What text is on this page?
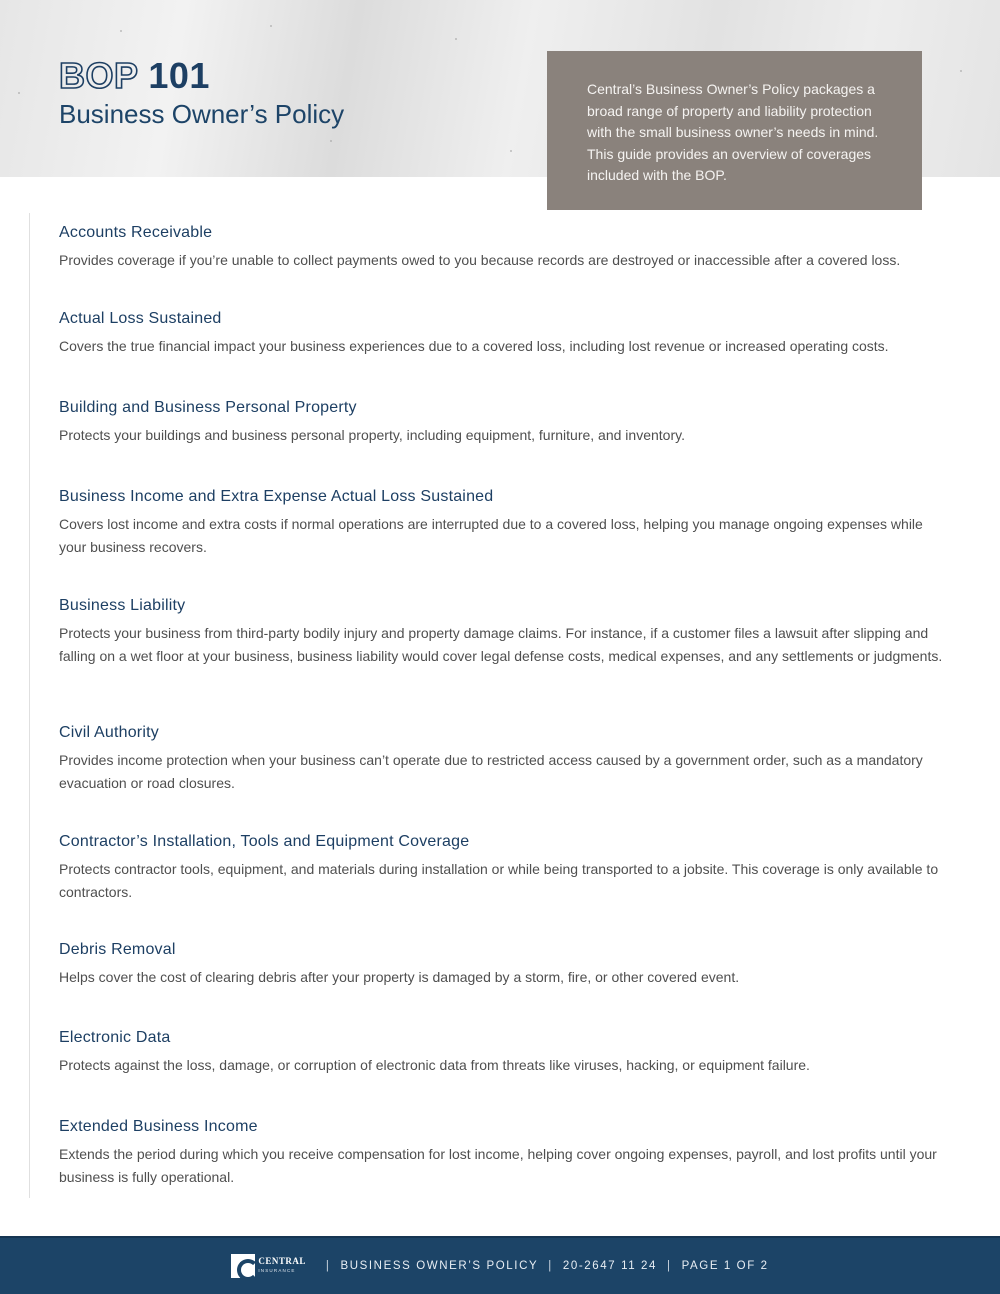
BOP 101
Business Owner’s Policy

Central’s Business Owner’s Policy packages a broad range of property and liability protection with the small business owner’s needs in mind. This guide provides an overview of coverages included with the BOP.

Accounts Receivable
Provides coverage if you’re unable to collect payments owed to you because records are destroyed or inaccessible after a covered loss.
Actual Loss Sustained
Covers the true financial impact your business experiences due to a covered loss, including lost revenue or increased operating costs.
Building and Business Personal Property
Protects your buildings and business personal property, including equipment, furniture, and inventory.
Business Income and Extra Expense Actual Loss Sustained
Covers lost income and extra costs if normal operations are interrupted due to a covered loss, helping you manage ongoing expenses while your business recovers.
Business Liability
Protects your business from third-party bodily injury and property damage claims. For instance, if a customer files a lawsuit after slipping and falling on a wet floor at your business, business liability would cover legal defense costs, medical expenses, and any settlements or judgments.
Civil Authority
Provides income protection when your business can’t operate due to restricted access caused by a government order, such as a mandatory evacuation or road closures.
Contractor’s Installation, Tools and Equipment Coverage
Protects contractor tools, equipment, and materials during installation or while being transported to a jobsite. This coverage is only available to contractors.
Debris Removal
Helps cover the cost of clearing debris after your property is damaged by a storm, fire, or other covered event.
Electronic Data
Protects against the loss, damage, or corruption of electronic data from threats like viruses, hacking, or equipment failure.
Extended Business Income
Extends the period during which you receive compensation for lost income, helping cover ongoing expenses, payroll, and lost profits until your business is fully operational.
CENTRAL
INSURANCE	| BUSINESS OWNER’S POLICY | 20-2647 11 24 | PAGE 1 OF 2
